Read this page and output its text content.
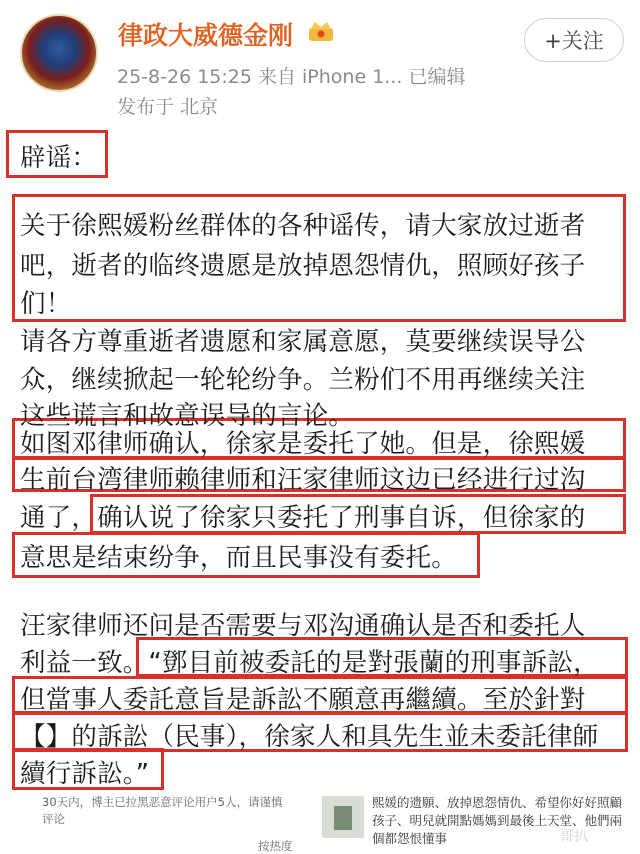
律政大威德金刚	+关注
25-8-26 15:25 来自 iPhone 1... 已编辑
发布于 北京
辟谣：
关于徐熙媛粉丝群体的各种谣传，请大家放过逝者
吧，逝者的临终遗愿是放掉恩怨情仇，照顾好孩子
们！
请各方尊重逝者遗愿和家属意愿，莫要继续误导公
众，继续掀起一轮轮纷争。兰粉们不用再继续关注
这些谎言和故意误导的言论。
如图邓律师确认，徐家是委托了她。但是，徐熙媛
生前台湾律师赖律师和汪家律师这边已经进行过沟
通了，确认说了徐家只委托了刑事自诉，但徐家的
意思是结束纷争，而且民事没有委托。
汪家律师还问是否需要与邓沟通确认是否和委托人
利益一致。“鄧目前被委託的是對張蘭的刑事訴訟，
但當事人委託意旨是訴訟不願意再繼續。至於針對
【】的訴訟（民事），徐家人和具先生並未委託律師
續行訴訟。”
30天内，博主已拉黑恶意评论用户5人，请谨慎评论
按热度
熙媛的遗願、放掉恩怨情仇、希望你好好照顧孩子、明兒就開點媽媽到最後上天堂、他們兩個都怨恨懂事	哥扒
